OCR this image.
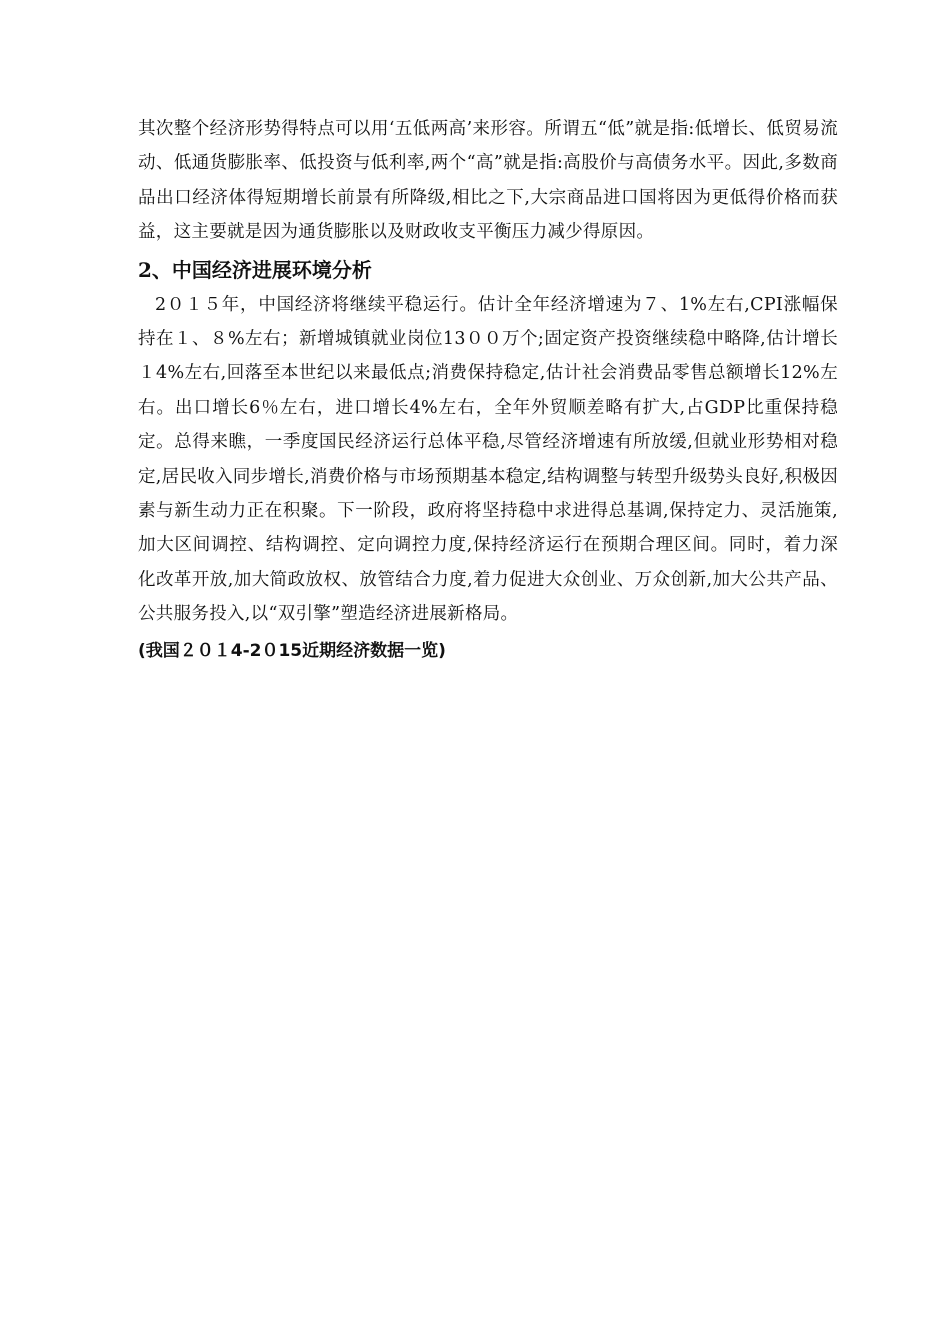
其次整个经济形势得特点可以用‘五低两高’来形容。所谓五“低”就是指:低增长、低贸易流动、低通货膨胀率、低投资与低利率,两个“高”就是指:高股价与高债务水平。因此,多数商品出口经济体得短期增长前景有所降级,相比之下,大宗商品进口国将因为更低得价格而获益，这主要就是因为通货膨胀以及财政收支平衡压力减少得原因。

2、中国经济进展环境分析

2０１５年，中国经济将继续平稳运行。估计全年经济增速为７、1%左右,CPI涨幅保持在１、８%左右；新增城镇就业岗位13００万个;固定资产投资继续稳中略降,估计增长１4%左右,回落至本世纪以来最低点;消费保持稳定,估计社会消费品零售总额增长12%左右。出口增长6％左右，进口增长4%左右，全年外贸顺差略有扩大,占GDP比重保持稳定。总得来瞧，一季度国民经济运行总体平稳,尽管经济增速有所放缓,但就业形势相对稳定,居民收入同步增长,消费价格与市场预期基本稳定,结构调整与转型升级势头良好,积极因素与新生动力正在积聚。下一阶段，政府将坚持稳中求进得总基调,保持定力、灵活施策,加大区间调控、结构调控、定向调控力度,保持经济运行在预期合理区间。同时，着力深化改革开放,加大简政放权、放管结合力度,着力促进大众创业、万众创新,加大公共产品、公共服务投入,以“双引擎”塑造经济进展新格局。

(我国２０１4-2０15近期经济数据一览)
